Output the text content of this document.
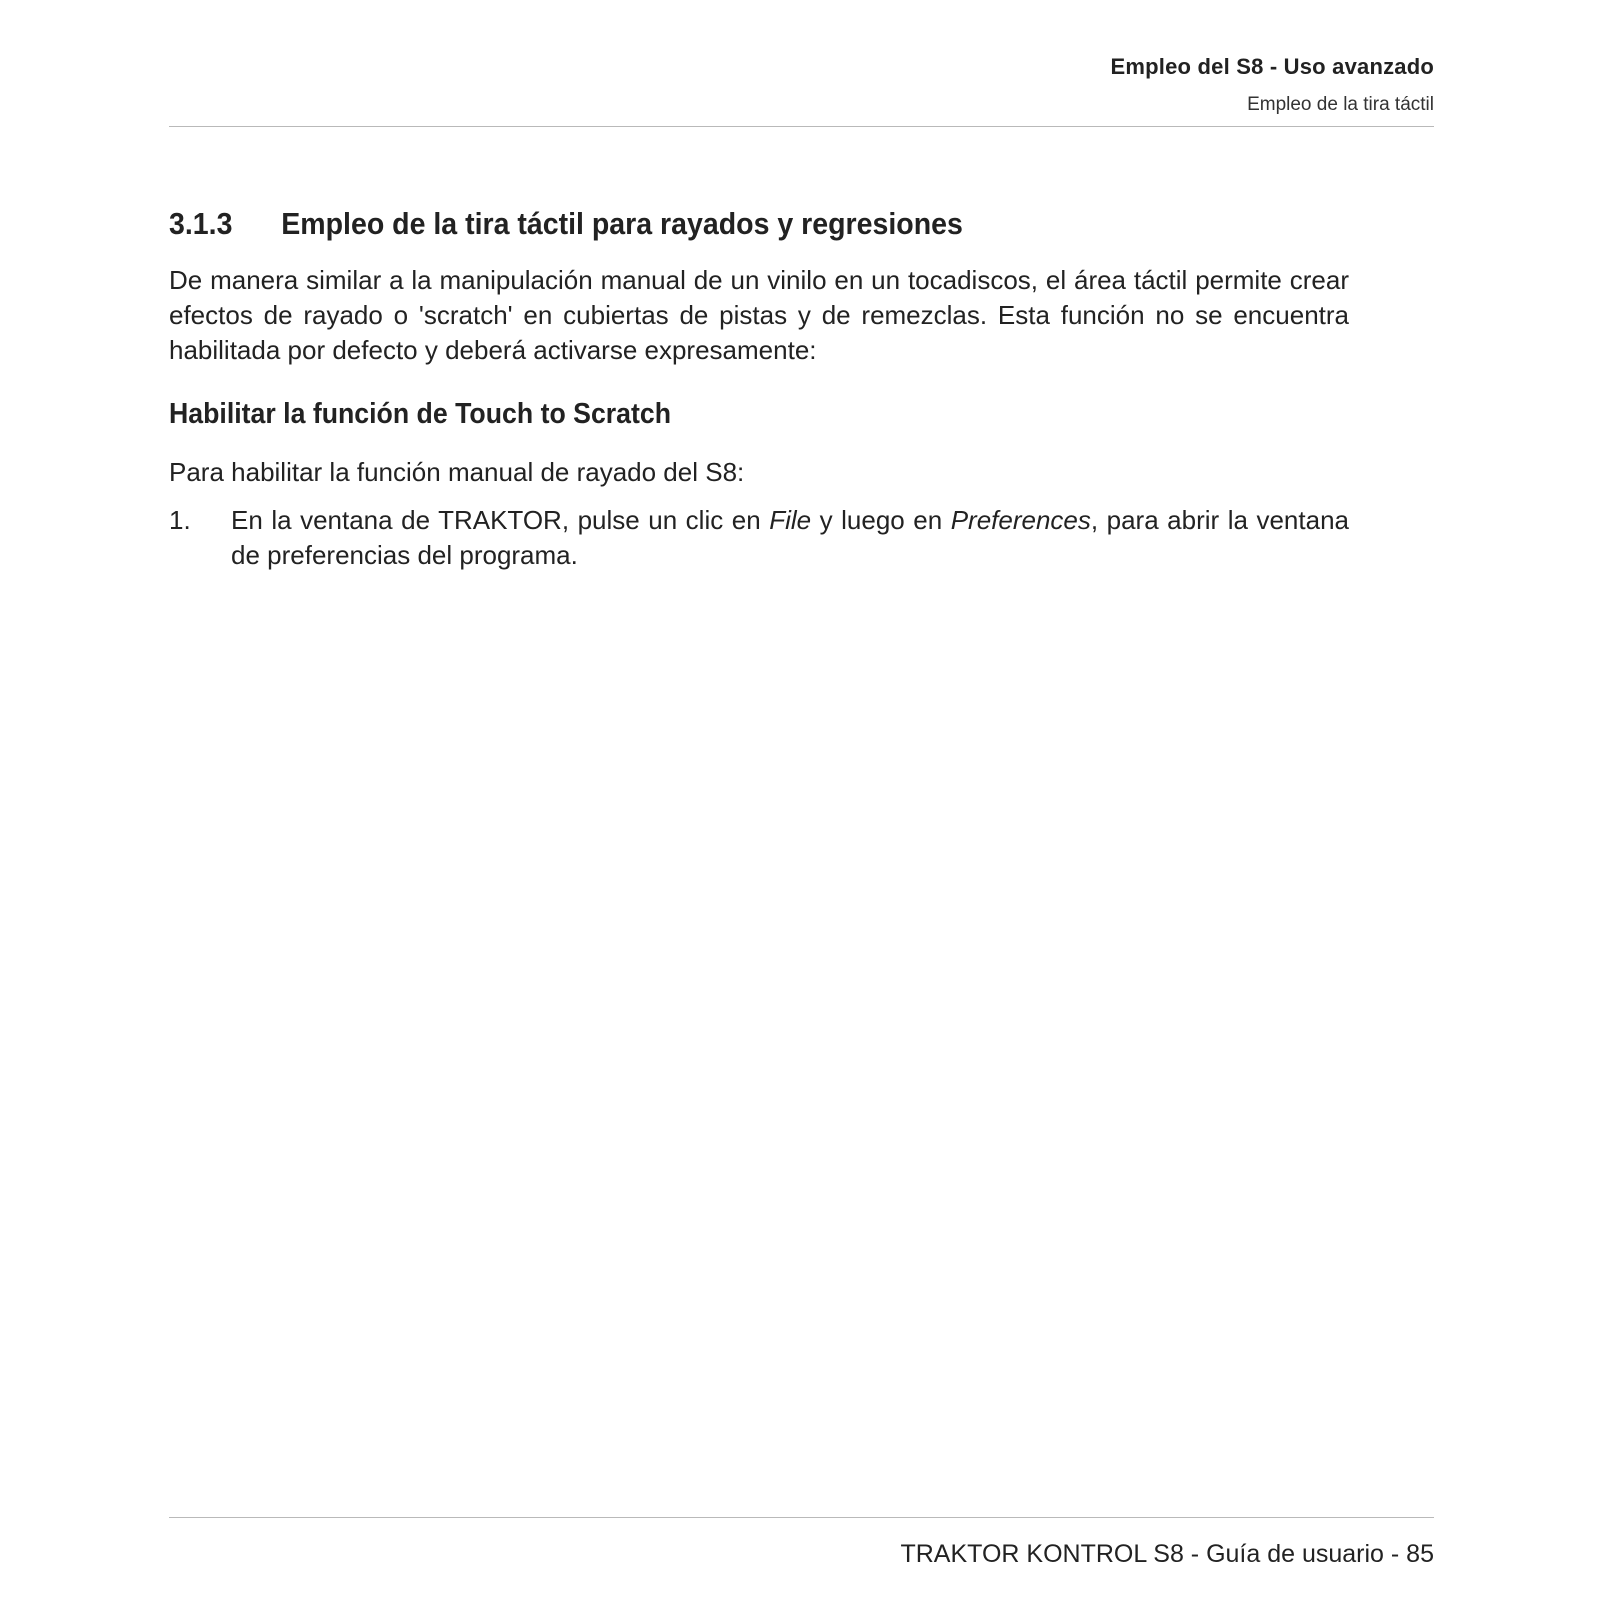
Empleo del S8 - Uso avanzado
Empleo de la tira táctil
3.1.3 Empleo de la tira táctil para rayados y regresiones

De manera similar a la manipulación manual de un vinilo en un tocadiscos, el área táctil permite crear efectos de rayado o 'scratch' en cubiertas de pistas y de remezclas. Esta función no se encuentra habilitada por defecto y deberá activarse expresamente:

Habilitar la función de Touch to Scratch

Para habilitar la función manual de rayado del S8:

1. En la ventana de TRAKTOR, pulse un clic en File y luego en Preferences, para abrir la ventana de preferencias del programa.
TRAKTOR KONTROL S8 - Guía de usuario - 85
